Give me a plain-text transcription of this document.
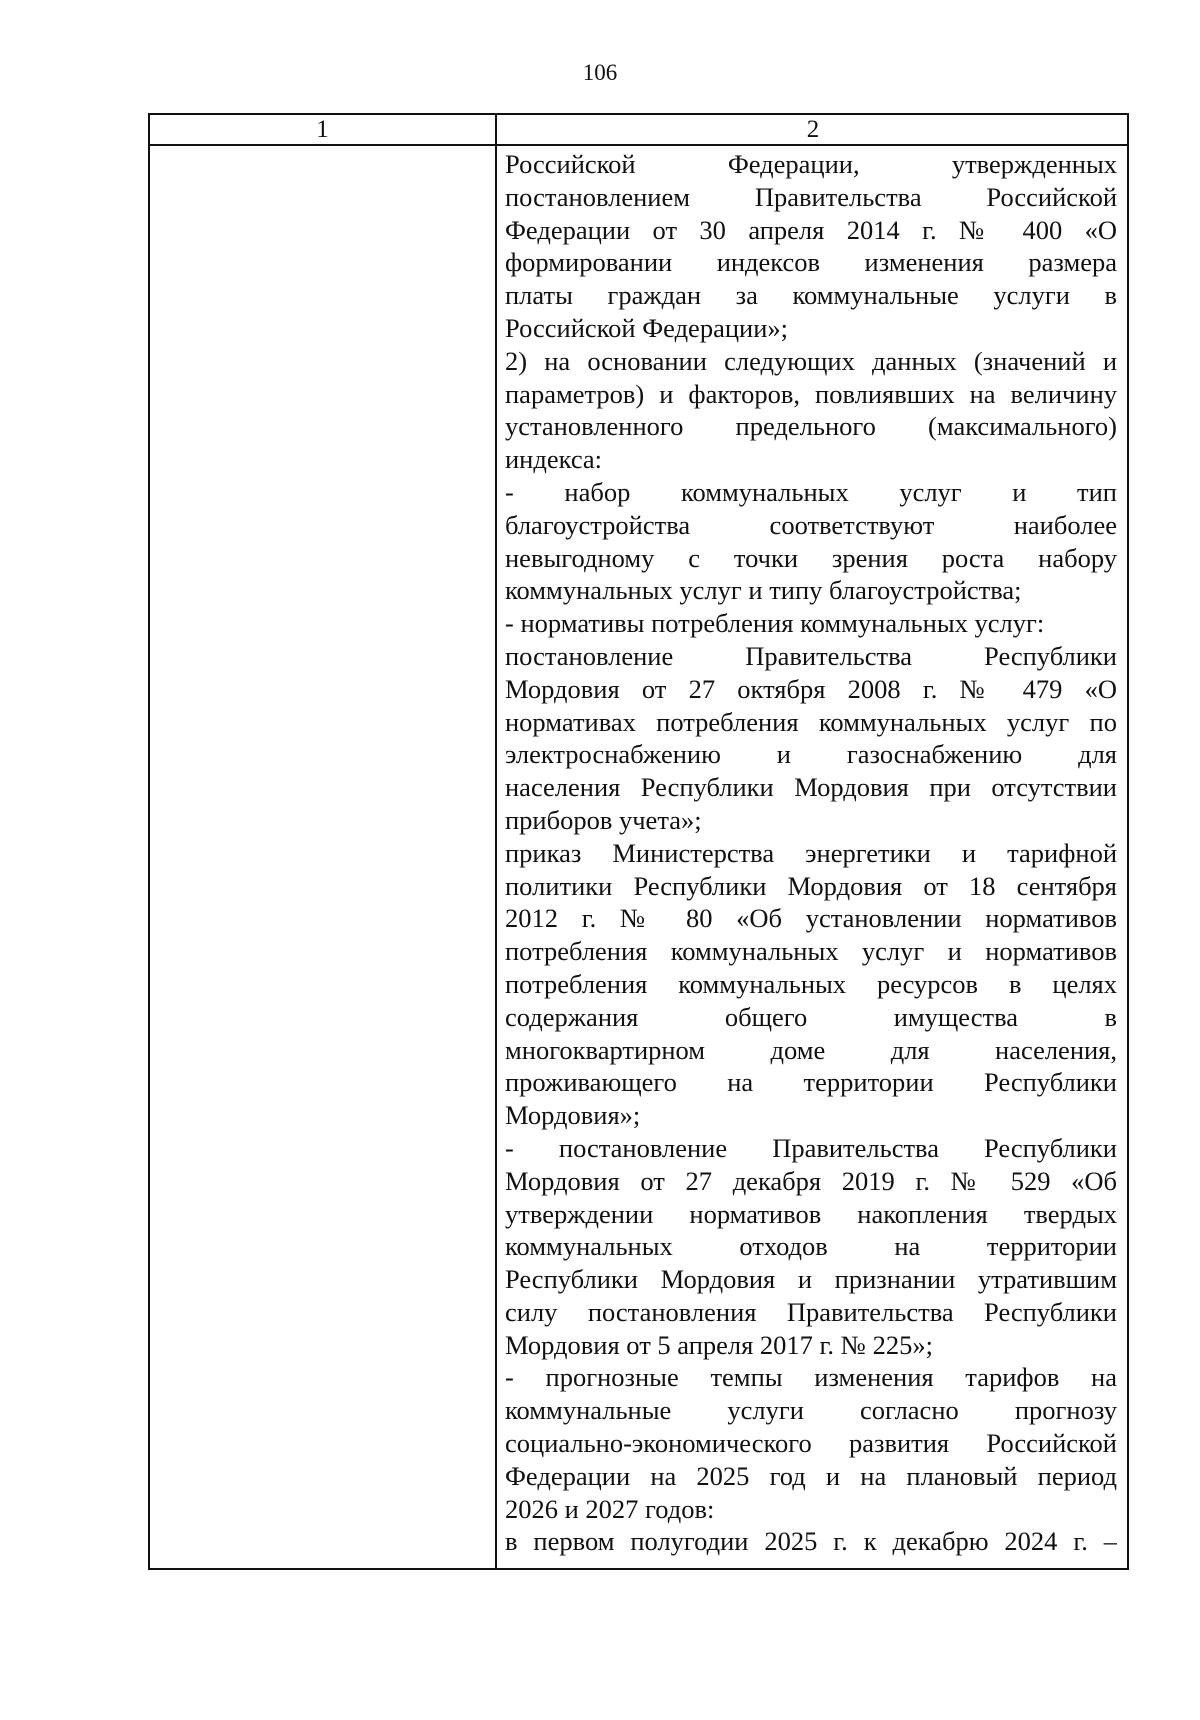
106
1	2
Российской Федерации, утвержденных
постановлением Правительства Российской
Федерации от 30 апреля 2014 г. № 400 «О
формировании индексов изменения размера
платы граждан за коммунальные услуги в
Российской Федерации»;
2) на основании следующих данных (значений и
параметров) и факторов, повлиявших на величину
установленного предельного (максимального)
индекса:
- набор коммунальных услуг и тип
благоустройства соответствуют наиболее
невыгодному с точки зрения роста набору
коммунальных услуг и типу благоустройства;
- нормативы потребления коммунальных услуг:
постановление Правительства Республики
Мордовия от 27 октября 2008 г. № 479 «О
нормативах потребления коммунальных услуг по
электроснабжению и газоснабжению для
населения Республики Мордовия при отсутствии
приборов учета»;
приказ Министерства энергетики и тарифной
политики Республики Мордовия от 18 сентября
2012 г. № 80 «Об установлении нормативов
потребления коммунальных услуг и нормативов
потребления коммунальных ресурсов в целях
содержания общего имущества в
многоквартирном доме для населения,
проживающего на территории Республики
Мордовия»;
- постановление Правительства Республики
Мордовия от 27 декабря 2019 г. № 529 «Об
утверждении нормативов накопления твердых
коммунальных отходов на территории
Республики Мордовия и признании утратившим
силу постановления Правительства Республики
Мордовия от 5 апреля 2017 г. № 225»;
- прогнозные темпы изменения тарифов на
коммунальные услуги согласно прогнозу
социально-экономического развития Российской
Федерации на 2025 год и на плановый период
2026 и 2027 годов:
в первом полугодии 2025 г. к декабрю 2024 г. –
